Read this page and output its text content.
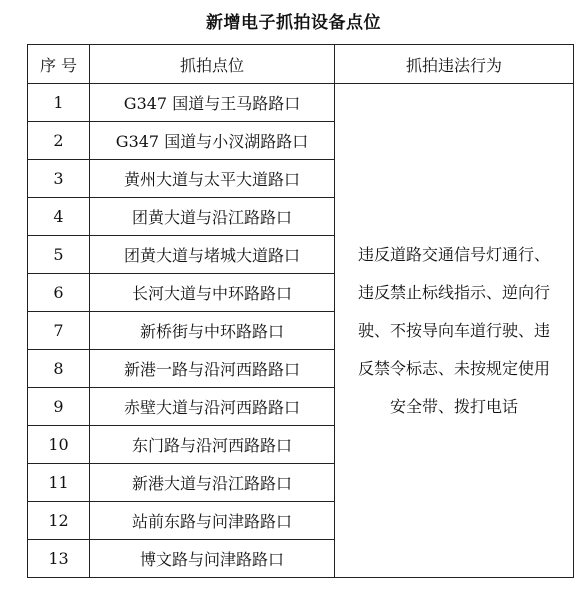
新增电子抓拍设备点位
序 号	抓拍点位	抓拍违法行为
1	G347 国道与王马路路口	违反道路交通信号灯通行、
违反禁止标线指示、逆向行
驶、不按导向车道行驶、违
反禁令标志、未按规定使用
安全带、拨打电话

2	G347 国道与小汊湖路路口	
3	黄州大道与太平大道路口	
4	团黄大道与沿江路路口	
5	团黄大道与堵城大道路口	
6	长河大道与中环路路口	
7	新桥街与中环路路口	
8	新港一路与沿河西路路口	
9	赤壁大道与沿河西路路口	
10	东门路与沿河西路路口	
11	新港大道与沿江路路口	
12	站前东路与问津路路口	
13	博文路与问津路路口	
